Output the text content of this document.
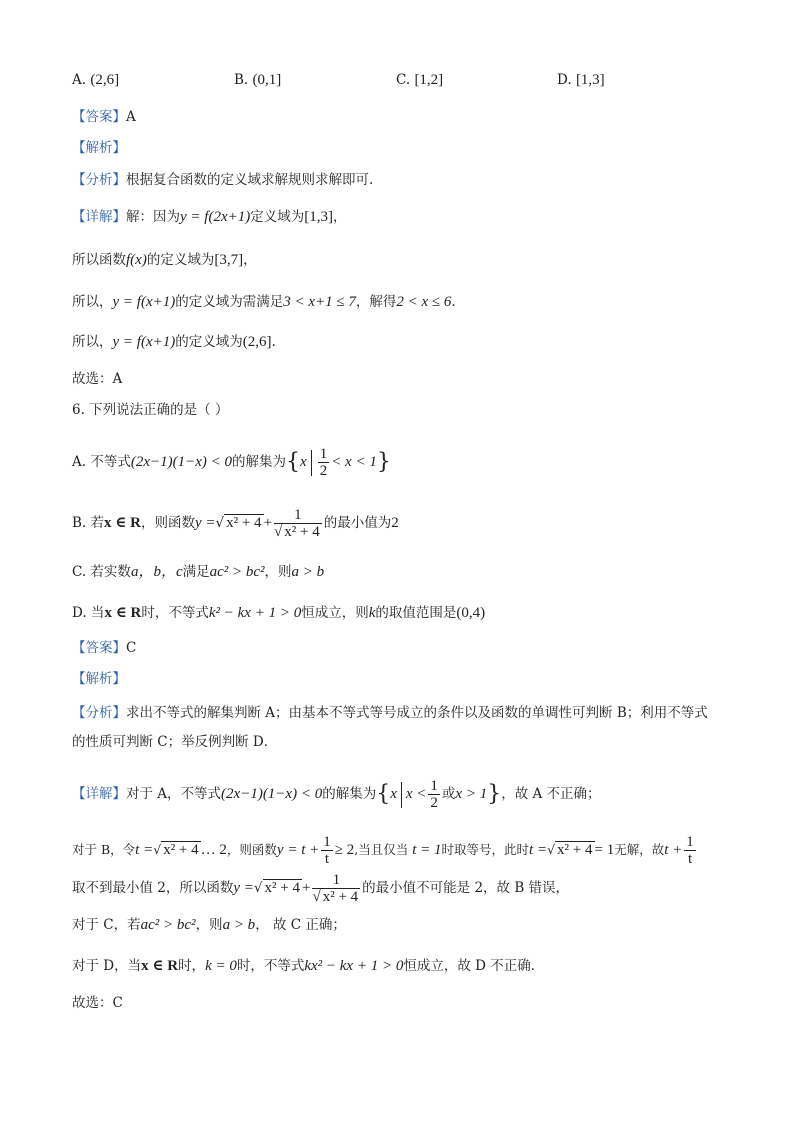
A. (2,6]	B. (0,1]	C. [1,2]	D. [1,3]
【答案】A
【解析】
【分析】根据复合函数的定义域求解规则求解即可.
【详解】解：因为y = f(2x+1)定义域为[1,3]，
所以函数f(x)的定义域为[3,7]，
所以，y = f(x+1)的定义域为需满足3 < x+1 ≤ 7，解得2 < x ≤ 6.
所以，y = f(x+1)的定义域为(2,6].
故选：A
6. 下列说法正确的是（ ）
A. 不等式(2x−1)(1−x) < 0的解集为$\{x \frac{1}{2} < x < 1\}$
B. 若x ∈ R，则函数y =√ $x^2 + 4 + \frac{1}{\text{√ x² + 4}}$ 的最小值为2
C. 若实数a，b，c满足ac² > bc²，则a > b
D. 当x ∈ R时，不等式k² − kx + 1 > 0恒成立，则k的取值范围是(0,4)
【答案】C
【解析】
【分析】求出不等式的解集判断 A；由基本不等式等号成立的条件以及函数的单调性可判断 B；利用不等式
的性质可判断 C；举反例判断 D．
【详解】对于 A，不等式(2x−1)(1−x) < 0的解集为{x $x < \frac{1}{2}$ 或x > 1}，故 A 不正确；
对于 B，令t =√ x² + 4 … 2，则函数$y = t + \frac{1}{t} \ge 2$,当且仅当 t = 1时取等号，此时t =√ x² + 4 = 1无解，故$t + \frac{1}{t}$
取不到最小值 2，所以函数y =√ $x^2 + 4 + \frac{1}{\text{√ x² + 4}}$ 的最小值不可能是 2，故 B 错误，
对于 C，若ac² > bc²，则a > b， 故 C 正确；
对于 D，当x ∈ R时，k = 0时，不等式kx² − kx + 1 > 0恒成立，故 D 不正确．
故选：C
